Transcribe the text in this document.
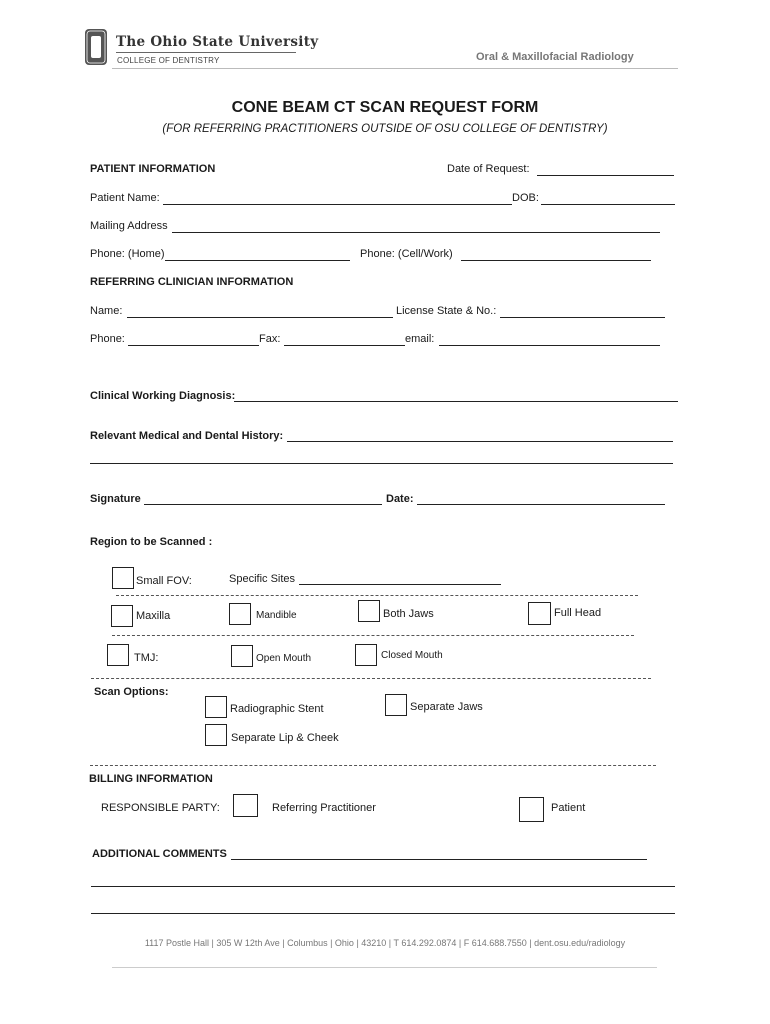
The Ohio State University
COLLEGE OF DENTISTRY	Oral & Maxillofacial Radiology
CONE BEAM CT SCAN REQUEST FORM
(FOR REFERRING PRACTITIONERS OUTSIDE OF OSU COLLEGE OF DENTISTRY)
PATIENT INFORMATION	Date of Request:
Patient Name:	DOB:
Mailing Address
Phone: (Home)	Phone: (Cell/Work)
REFERRING CLINICIAN INFORMATION
Name:	License State & No.:
Phone:	Fax:	email:
Clinical Working Diagnosis:
Relevant Medical and Dental History:
Signature	Date:
Region to be Scanned :
Small FOV:	Specific Sites
Maxilla	Mandible	Both Jaws	Full Head
TMJ:	Open Mouth	Closed Mouth
Scan Options:
Radiographic Stent	Separate Jaws
Separate Lip & Cheek
BILLING INFORMATION
RESPONSIBLE PARTY:	Referring Practitioner	Patient
ADDITIONAL COMMENTS
1117 Postle Hall | 305 W 12th Ave | Columbus | Ohio | 43210 | T 614.292.0874 | F 614.688.7550 | dent.osu.edu/radiology
